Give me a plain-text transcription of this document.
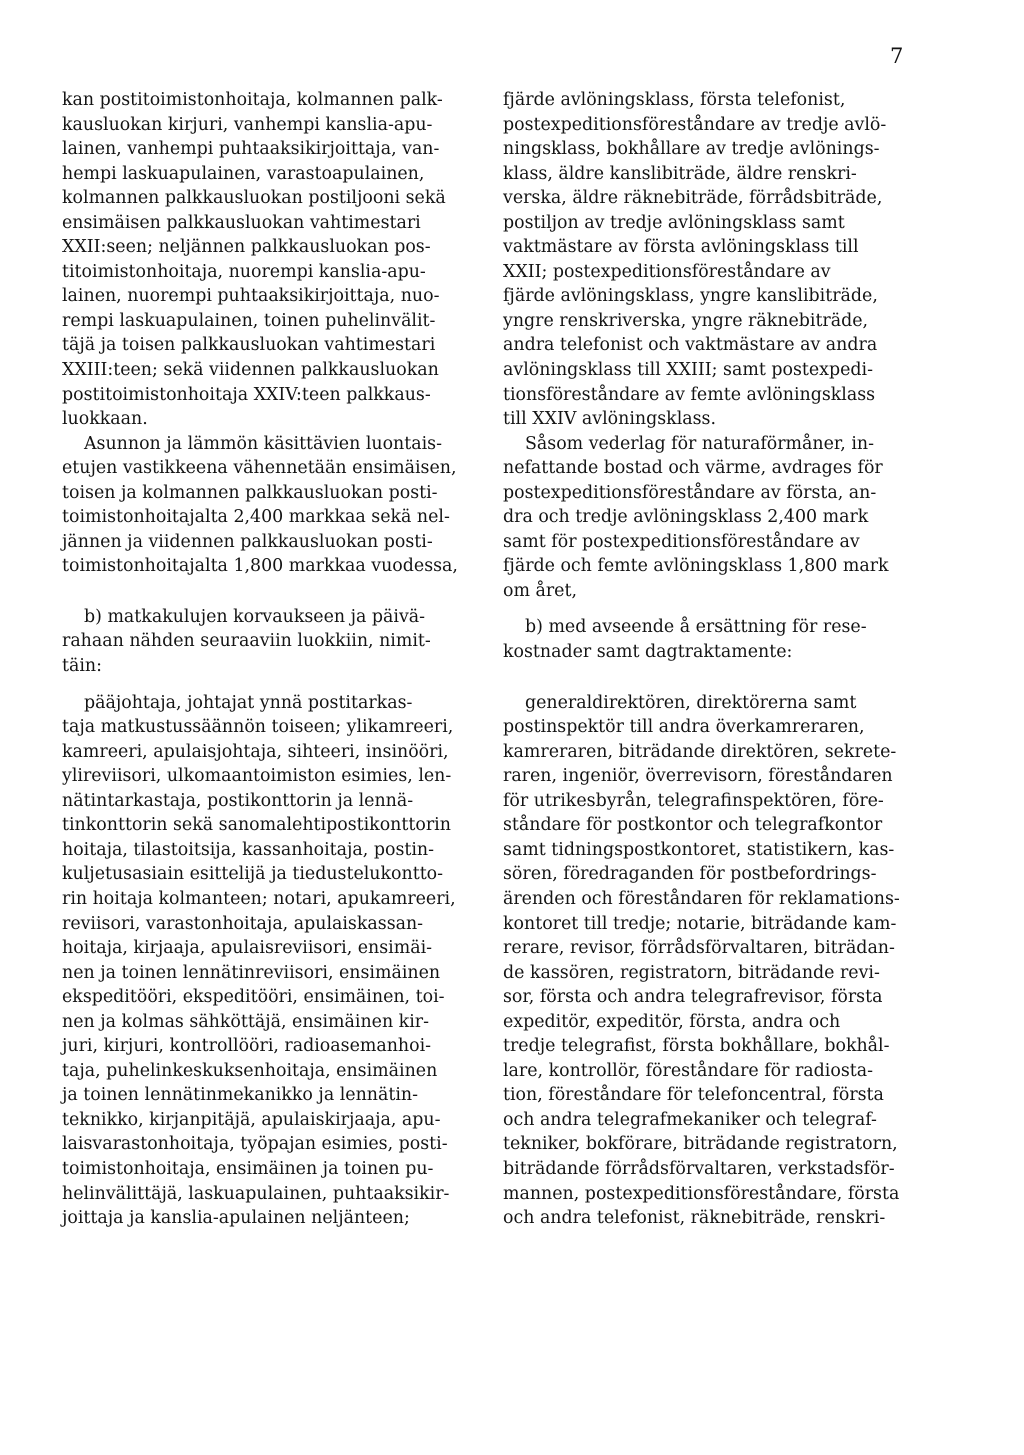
7
kan postitoimistonhoitaja, kolmannen palk-
kausluokan kirjuri, vanhempi kanslia-apu-
lainen, vanhempi puhtaaksikirjoittaja, van-
hempi laskuapulainen, varastoapulainen,
kolmannen palkkausluokan postiljooni sekä
ensimäisen palkkausluokan vahtimestari
XXII:seen; neljännen palkkausluokan pos-
titoimistonhoitaja, nuorempi kanslia-apu-
lainen, nuorempi puhtaaksikirjoittaja, nuo-
rempi laskuapulainen, toinen puhelinvälit-
täjä ja toisen palkkausluokan vahtimestari
XXIII:teen; sekä viidennen palkkausluokan
postitoimistonhoitaja XXIV:teen palkkaus-
luokkaan.
Asunnon ja lämmön käsittävien luontais-
etujen vastikkeena vähennetään ensimäisen,
toisen ja kolmannen palkkausluokan posti-
toimistonhoitajalta 2,400 markkaa sekä nel-
jännen ja viidennen palkkausluokan posti-
toimistonhoitajalta 1,800 markkaa vuodessa,
b) matkakulujen korvaukseen ja päivä-
rahaan nähden seuraaviin luokkiin, nimit-
täin:
pääjohtaja, johtajat ynnä postitarkas-
taja matkustussäännön toiseen; ylikamreeri,
kamreeri, apulaisjohtaja, sihteeri, insinööri,
ylireviisori, ulkomaantoimiston esimies, len-
nätintarkastaja, postikonttorin ja lennä-
tinkonttorin sekä sanomalehtipostikonttorin
hoitaja, tilastoitsija, kassanhoitaja, postin-
kuljetusasiain esittelijä ja tiedustelukontto-
rin hoitaja kolmanteen; notari, apukamreeri,
reviisori, varastonhoitaja, apulaiskassan-
hoitaja, kirjaaja, apulaisreviisori, ensimäi-
nen ja toinen lennätinreviisori, ensimäinen
ekspeditööri, ekspeditööri, ensimäinen, toi-
nen ja kolmas sähköttäjä, ensimäinen kir-
juri, kirjuri, kontrollööri, radioasemanhoi-
taja, puhelinkeskuksenhoitaja, ensimäinen
ja toinen lennätinmekanikko ja lennätin-
teknikko, kirjanpitäjä, apulaiskirjaaja, apu-
laisvarastonhoitaja, työpajan esimies, posti-
toimistonhoitaja, ensimäinen ja toinen pu-
helinvälittäjä, laskuapulainen, puhtaaksikir-
joittaja ja kanslia-apulainen neljänteen;
fjärde avlöningsklass, första telefonist,
postexpeditionsföreståndare av tredje avlö-
ningsklass, bokhållare av tredje avlönings-
klass, äldre kanslibiträde, äldre renskri-
verska, äldre räknebiträde, förrådsbiträde,
postiljon av tredje avlöningsklass samt
vaktmästare av första avlöningsklass till
XXII; postexpeditionsföreståndare av
fjärde avlöningsklass, yngre kanslibiträde,
yngre renskriverska, yngre räknebiträde,
andra telefonist och vaktmästare av andra
avlöningsklass till XXIII; samt postexpedi-
tionsföreståndare av femte avlöningsklass
till XXIV avlöningsklass.
Såsom vederlag för naturaförmåner, in-
nefattande bostad och värme, avdrages för
postexpeditionsföreståndare av första, an-
dra och tredje avlöningsklass 2,400 mark
samt för postexpeditionsföreståndare av
fjärde och femte avlöningsklass 1,800 mark
om året,
b) med avseende å ersättning för rese-
kostnader samt dagtraktamente:
generaldirektören, direktörerna samt
postinspektör till andra överkamreraren,
kamreraren, biträdande direktören, sekrete-
raren, ingeniör, överrevisorn, föreståndaren
för utrikesbyrån, telegrafinspektören, före-
ståndare för postkontor och telegrafkontor
samt tidningspostkontoret, statistikern, kas-
sören, föredraganden för postbefordrings-
ärenden och föreståndaren för reklamations-
kontoret till tredje; notarie, biträdande kam-
rerare, revisor, förrådsförvaltaren, biträdan-
de kassören, registratorn, biträdande revi-
sor, första och andra telegrafrevisor, första
expeditör, expeditör, första, andra och
tredje telegrafist, första bokhållare, bokhål-
lare, kontrollör, föreståndare för radiosta-
tion, föreståndare för telefoncentral, första
och andra telegrafmekaniker och telegraf-
tekniker, bokförare, biträdande registratorn,
biträdande förrådsförvaltaren, verkstadsför-
mannen, postexpeditionsföreståndare, första
och andra telefonist, räknebiträde, renskri-
